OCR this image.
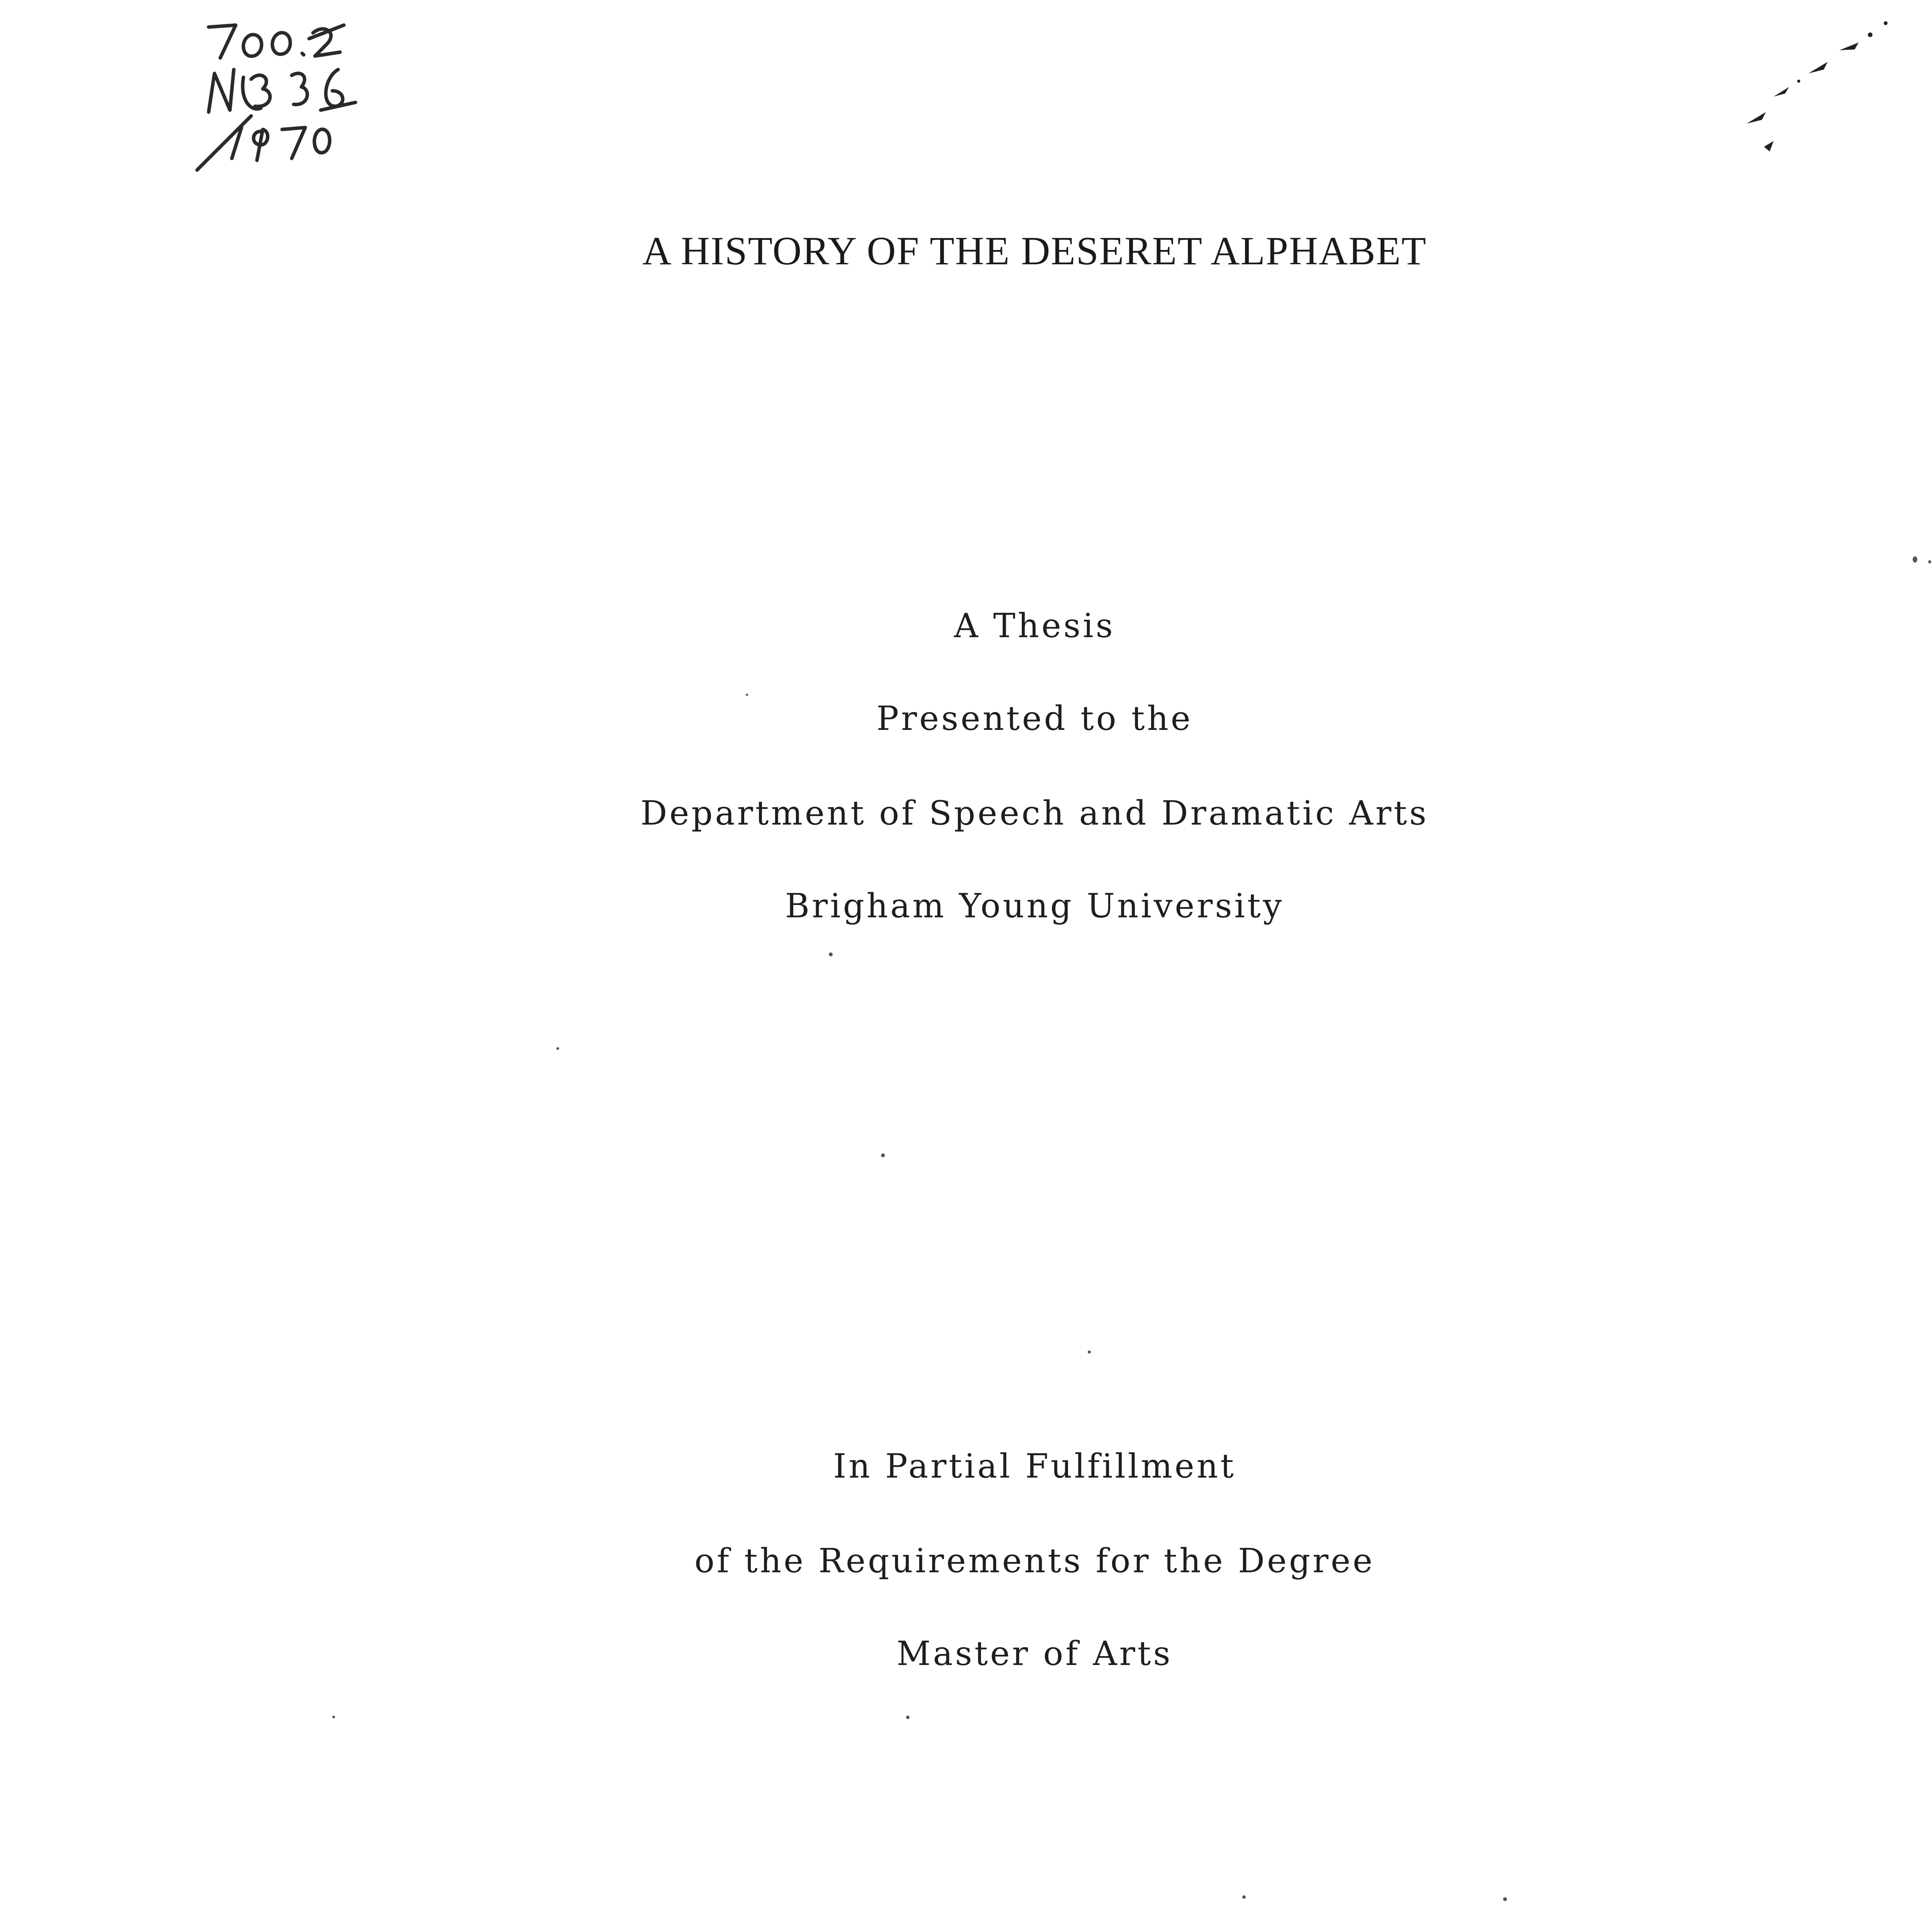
A HISTORY OF THE DESERET ALPHABET
A Thesis
Presented to the
Department of Speech and Dramatic Arts
Brigham Young University
In Partial Fulfillment
of the Requirements for the Degree
Master of Arts
